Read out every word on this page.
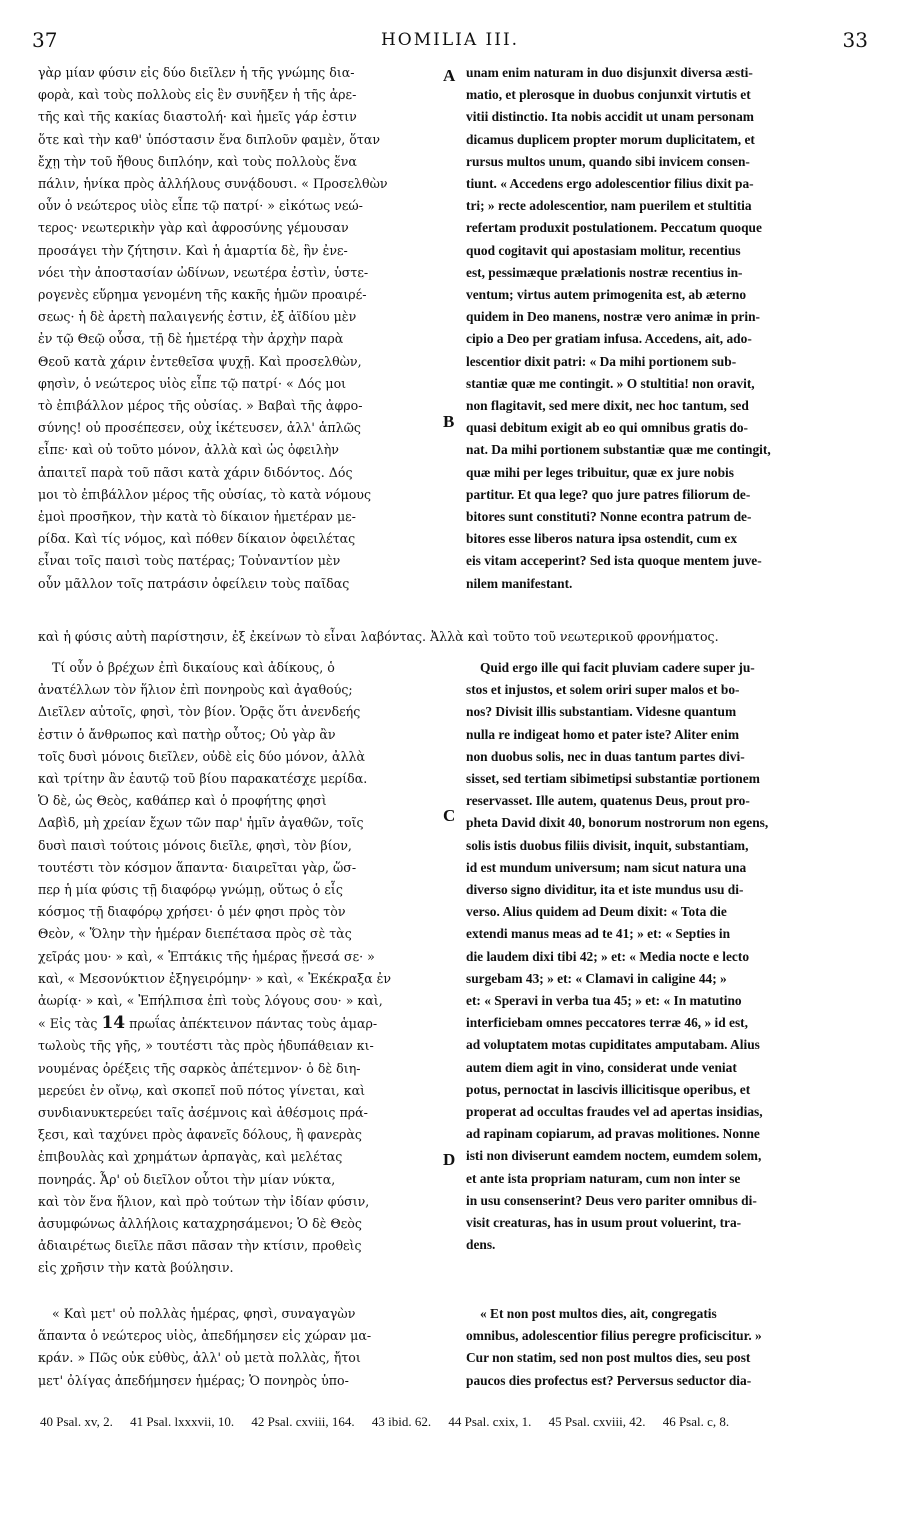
37	HOMILIA III.	33
A
B
C
D
γὰρ μίαν φύσιν εἰς δύο διεῖλεν ἡ τῆς γνώμης δια-
φορὰ, καὶ τοὺς πολλοὺς εἰς ἓν συνῆξεν ἡ τῆς ἀρε-
τῆς καὶ τῆς κακίας διαστολή· καὶ ἡμεῖς γάρ ἐστιν
ὅτε καὶ τὴν καθ' ὑπόστασιν ἕνα διπλοῦν φαμὲν, ὅταν
ἔχῃ τὴν τοῦ ἤθους διπλόην, καὶ τοὺς πολλοὺς ἕνα
πάλιν, ἡνίκα πρὸς ἀλλήλους συνᾴδουσι. « Προσελθὼν
οὖν ὁ νεώτερος υἱὸς εἶπε τῷ πατρί· » εἰκότως νεώ-
τερος· νεωτερικὴν γὰρ καὶ ἀφροσύνης γέμουσαν
προσάγει τὴν ζήτησιν. Καὶ ἡ ἁμαρτία δὲ, ἣν ἐνε-
νόει τὴν ἀποστασίαν ὠδίνων, νεωτέρα ἐστὶν, ὑστε-
ρογενὲς εὕρημα γενομένη τῆς κακῆς ἡμῶν προαιρέ-
σεως· ἡ δὲ ἀρετὴ παλαιγενής ἐστιν, ἐξ ἀϊδίου μὲν
ἐν τῷ Θεῷ οὖσα, τῇ δὲ ἡμετέρᾳ τὴν ἀρχὴν παρὰ
Θεοῦ κατὰ χάριν ἐντεθεῖσα ψυχῇ. Καὶ προσελθὼν,
φησὶν, ὁ νεώτερος υἱὸς εἶπε τῷ πατρί· « Δός μοι
τὸ ἐπιβάλλον μέρος τῆς οὐσίας. » Βαβαὶ τῆς ἀφρο-
σύνης! οὐ προσέπεσεν, οὐχ ἱκέτευσεν, ἀλλ' ἁπλῶς
εἶπε· καὶ οὐ τοῦτο μόνον, ἀλλὰ καὶ ὡς ὀφειλὴν
ἀπαιτεῖ παρὰ τοῦ πᾶσι κατὰ χάριν διδόντος. Δός
μοι τὸ ἐπιβάλλον μέρος τῆς οὐσίας, τὸ κατὰ νόμους
ἐμοὶ προσῆκον, τὴν κατὰ τὸ δίκαιον ἡμετέραν με-
ρίδα. Καὶ τίς νόμος, καὶ πόθεν δίκαιον ὀφειλέτας
εἶναι τοῖς παισὶ τοὺς πατέρας; Τοὐναντίον μὲν
οὖν μᾶλλον τοῖς πατράσιν ὀφείλειν τοὺς παῖδας
unam enim naturam in duo disjunxit diversa æsti-
matio, et plerosque in duobus conjunxit virtutis et
vitii distinctio. Ita nobis accidit ut unam personam
dicamus duplicem propter morum duplicitatem, et
rursus multos unum, quando sibi invicem consen-
tiunt. « Accedens ergo adolescentior filius dixit pa-
tri; » recte adolescentior, nam puerilem et stultitia
refertam produxit postulationem. Peccatum quoque
quod cogitavit qui apostasiam molitur, recentius
est, pessimæque prælationis nostræ recentius in-
ventum; virtus autem primogenita est, ab æterno
quidem in Deo manens, nostræ vero animæ in prin-
cipio a Deo per gratiam infusa. Accedens, ait, ado-
lescentior dixit patri: « Da mihi portionem sub-
stantiæ quæ me contingit. » O stultitia! non oravit,
non flagitavit, sed mere dixit, nec hoc tantum, sed
quasi debitum exigit ab eo qui omnibus gratis do-
nat. Da mihi portionem substantiæ quæ me contingit,
quæ mihi per leges tribuitur, quæ ex jure nobis
partitur. Et qua lege? quo jure patres filiorum de-
bitores sunt constituti? Nonne econtra patrum de-
bitores esse liberos natura ipsa ostendit, cum ex
eis vitam acceperint? Sed ista quoque mentem juve-
nilem manifestant.
καὶ ἡ φύσις αὐτὴ παρίστησιν, ἐξ ἐκείνων τὸ εἶναι λαβόντας. Ἀλλὰ καὶ τοῦτο τοῦ νεωτερικοῦ φρονήματος.
Τί οὖν ὁ βρέχων ἐπὶ δικαίους καὶ ἀδίκους, ὁ
ἀνατέλλων τὸν ἥλιον ἐπὶ πονηροὺς καὶ ἀγαθούς;
Διεῖλεν αὐτοῖς, φησὶ, τὸν βίον. Ὁρᾷς ὅτι ἀνενδεής
ἐστιν ὁ ἄνθρωπος καὶ πατὴρ οὗτος; Οὐ γὰρ ἂν
τοῖς δυσὶ μόνοις διεῖλεν, οὐδὲ εἰς δύο μόνον, ἀλλὰ
καὶ τρίτην ἂν ἑαυτῷ τοῦ βίου παρακατέσχε μερίδα.
Ὁ δὲ, ὡς Θεὸς, καθάπερ καὶ ὁ προφήτης φησὶ
Δαβὶδ, μὴ χρείαν ἔχων τῶν παρ' ἡμῖν ἀγαθῶν, τοῖς
δυσὶ παισὶ τούτοις μόνοις διεῖλε, φησὶ, τὸν βίον,
τουτέστι τὸν κόσμον ἅπαντα· διαιρεῖται γὰρ, ὥσ-
περ ἡ μία φύσις τῇ διαφόρῳ γνώμῃ, οὕτως ὁ εἷς
κόσμος τῇ διαφόρῳ χρήσει· ὁ μέν φησι πρὸς τὸν
Θεὸν, « Ὅλην τὴν ἡμέραν διεπέτασα πρὸς σὲ τὰς
χεῖράς μου· » καὶ, « Ἑπτάκις τῆς ἡμέρας ᾔνεσά σε· »
καὶ, « Μεσονύκτιον ἐξηγειρόμην· » καὶ, « Ἐκέκραξα ἐν
ἀωρίᾳ· » καὶ, « Ἐπήλπισα ἐπὶ τοὺς λόγους σου· » καὶ,
« Εἰς τὰς 14 πρωΐας ἀπέκτεινον πάντας τοὺς ἁμαρ-
τωλοὺς τῆς γῆς, » τουτέστι τὰς πρὸς ἡδυπάθειαν κι-
νουμένας ὀρέξεις τῆς σαρκὸς ἀπέτεμνον· ὁ δὲ διη-
μερεύει ἐν οἴνῳ, καὶ σκοπεῖ ποῦ πότος γίνεται, καὶ
συνδιανυκτερεύει ταῖς ἀσέμνοις καὶ ἀθέσμοις πρά-
ξεσι, καὶ ταχύνει πρὸς ἀφανεῖς δόλους, ἢ φανερὰς
ἐπιβουλὰς καὶ χρημάτων ἁρπαγὰς, καὶ μελέτας
πονηράς. Ἆρ' οὐ διεῖλον οὗτοι τὴν μίαν νύκτα,
καὶ τὸν ἕνα ἥλιον, καὶ πρὸ τούτων τὴν ἰδίαν φύσιν,
ἀσυμφώνως ἀλλήλοις καταχρησάμενοι; Ὁ δὲ Θεὸς
ἀδιαιρέτως διεῖλε πᾶσι πᾶσαν τὴν κτίσιν, προθεὶς
εἰς χρῆσιν τὴν κατὰ βούλησιν.
Quid ergo ille qui facit pluviam cadere super ju-
stos et injustos, et solem oriri super malos et bo-
nos? Divisit illis substantiam. Videsne quantum
nulla re indigeat homo et pater iste? Aliter enim
non duobus solis, nec in duas tantum partes divi-
sisset, sed tertiam sibimetipsi substantiæ portionem
reservasset. Ille autem, quatenus Deus, prout pro-
pheta David dixit 40, bonorum nostrorum non egens,
solis istis duobus filiis divisit, inquit, substantiam,
id est mundum universum; nam sicut natura una
diverso signo dividitur, ita et iste mundus usu di-
verso. Alius quidem ad Deum dixit: « Tota die
extendi manus meas ad te 41; » et: « Septies in
die laudem dixi tibi 42; » et: « Media nocte e lecto
surgebam 43; » et: « Clamavi in caligine 44; »
et: « Speravi in verba tua 45; » et: « In matutino
interficiebam omnes peccatores terræ 46, » id est,
ad voluptatem motas cupiditates amputabam. Alius
autem diem agit in vino, considerat unde veniat
potus, pernoctat in lascivis illicitisque operibus, et
properat ad occultas fraudes vel ad apertas insidias,
ad rapinam copiarum, ad pravas molitiones. Nonne
isti non diviserunt eamdem noctem, eumdem solem,
et ante ista propriam naturam, cum non inter se
in usu consenserint? Deus vero pariter omnibus di-
visit creaturas, has in usum prout voluerint, tra-
dens.
« Καὶ μετ' οὐ πολλὰς ἡμέρας, φησὶ, συναγαγὼν
ἅπαντα ὁ νεώτερος υἱὸς, ἀπεδήμησεν εἰς χώραν μα-
κράν. » Πῶς οὐκ εὐθὺς, ἀλλ' οὐ μετὰ πολλὰς, ἤτοι
μετ' ὀλίγας ἀπεδήμησεν ἡμέρας; Ὁ πονηρὸς ὑπο-
« Et non post multos dies, ait, congregatis
omnibus, adolescentior filius peregre proficiscitur. »
Cur non statim, sed non post multos dies, seu post
paucos dies profectus est? Perversus seductor dia-
40 Psal. xv, 2. 41 Psal. lxxxvii, 10. 42 Psal. cxviii, 164. 43 ibid. 62. 44 Psal. cxix, 1. 45 Psal. cxviii, 42. 46 Psal. c, 8.
